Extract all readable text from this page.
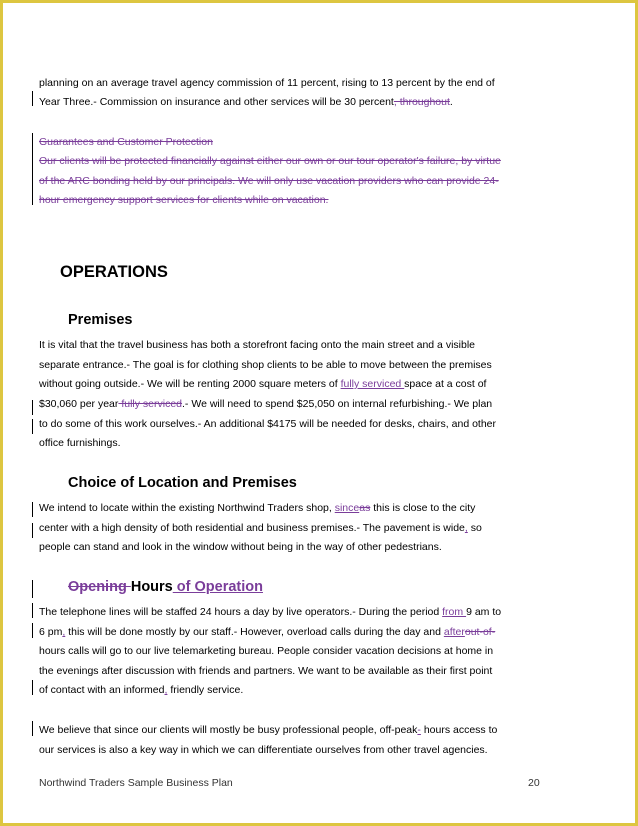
planning on an average travel agency commission of 11 percent, rising to 13 percent by the end of
Year Three.- Commission on insurance and other services will be 30 percent, throughout.
Guarantees and Customer Protection
Our clients will be protected financially against either our own or our tour operator's failure, by virtue
of the ARC bonding held by our principals. We will only use vacation providers who can provide 24-
hour emergency support services for clients while on vacation.
OPERATIONS
Premises
It is vital that the travel business has both a storefront facing onto the main street and a visible
separate entrance.- The goal is for clothing shop clients to be able to move between the premises
without going outside.- We will be renting 2000 square meters of fully serviced space at a cost of
$30,060 per year fully serviced.- We will need to spend $25,050 on internal refurbishing.- We plan
to do some of this work ourselves.- An additional $4175 will be needed for desks, chairs, and other
office furnishings.
Choice of Location and Premises
We intend to locate within the existing Northwind Traders shop, sinceas this is close to the city
center with a high density of both residential and business premises.- The pavement is wide, so
people can stand and look in the window without being in the way of other pedestrians.
Opening Hours of Operation
The telephone lines will be staffed 24 hours a day by live operators.- During the period from 9 am to
6 pm, this will be done mostly by our staff.- However, overload calls during the day and afterout-of-
hours calls will go to our live telemarketing bureau. People consider vacation decisions at home in
the evenings after discussion with friends and partners. We want to be available as their first point
of contact with an informed, friendly service.
We believe that since our clients will mostly be busy professional people, off-peak- hours access to
our services is also a key way in which we can differentiate ourselves from other travel agencies.
Northwind Traders Sample Business Plan	20
